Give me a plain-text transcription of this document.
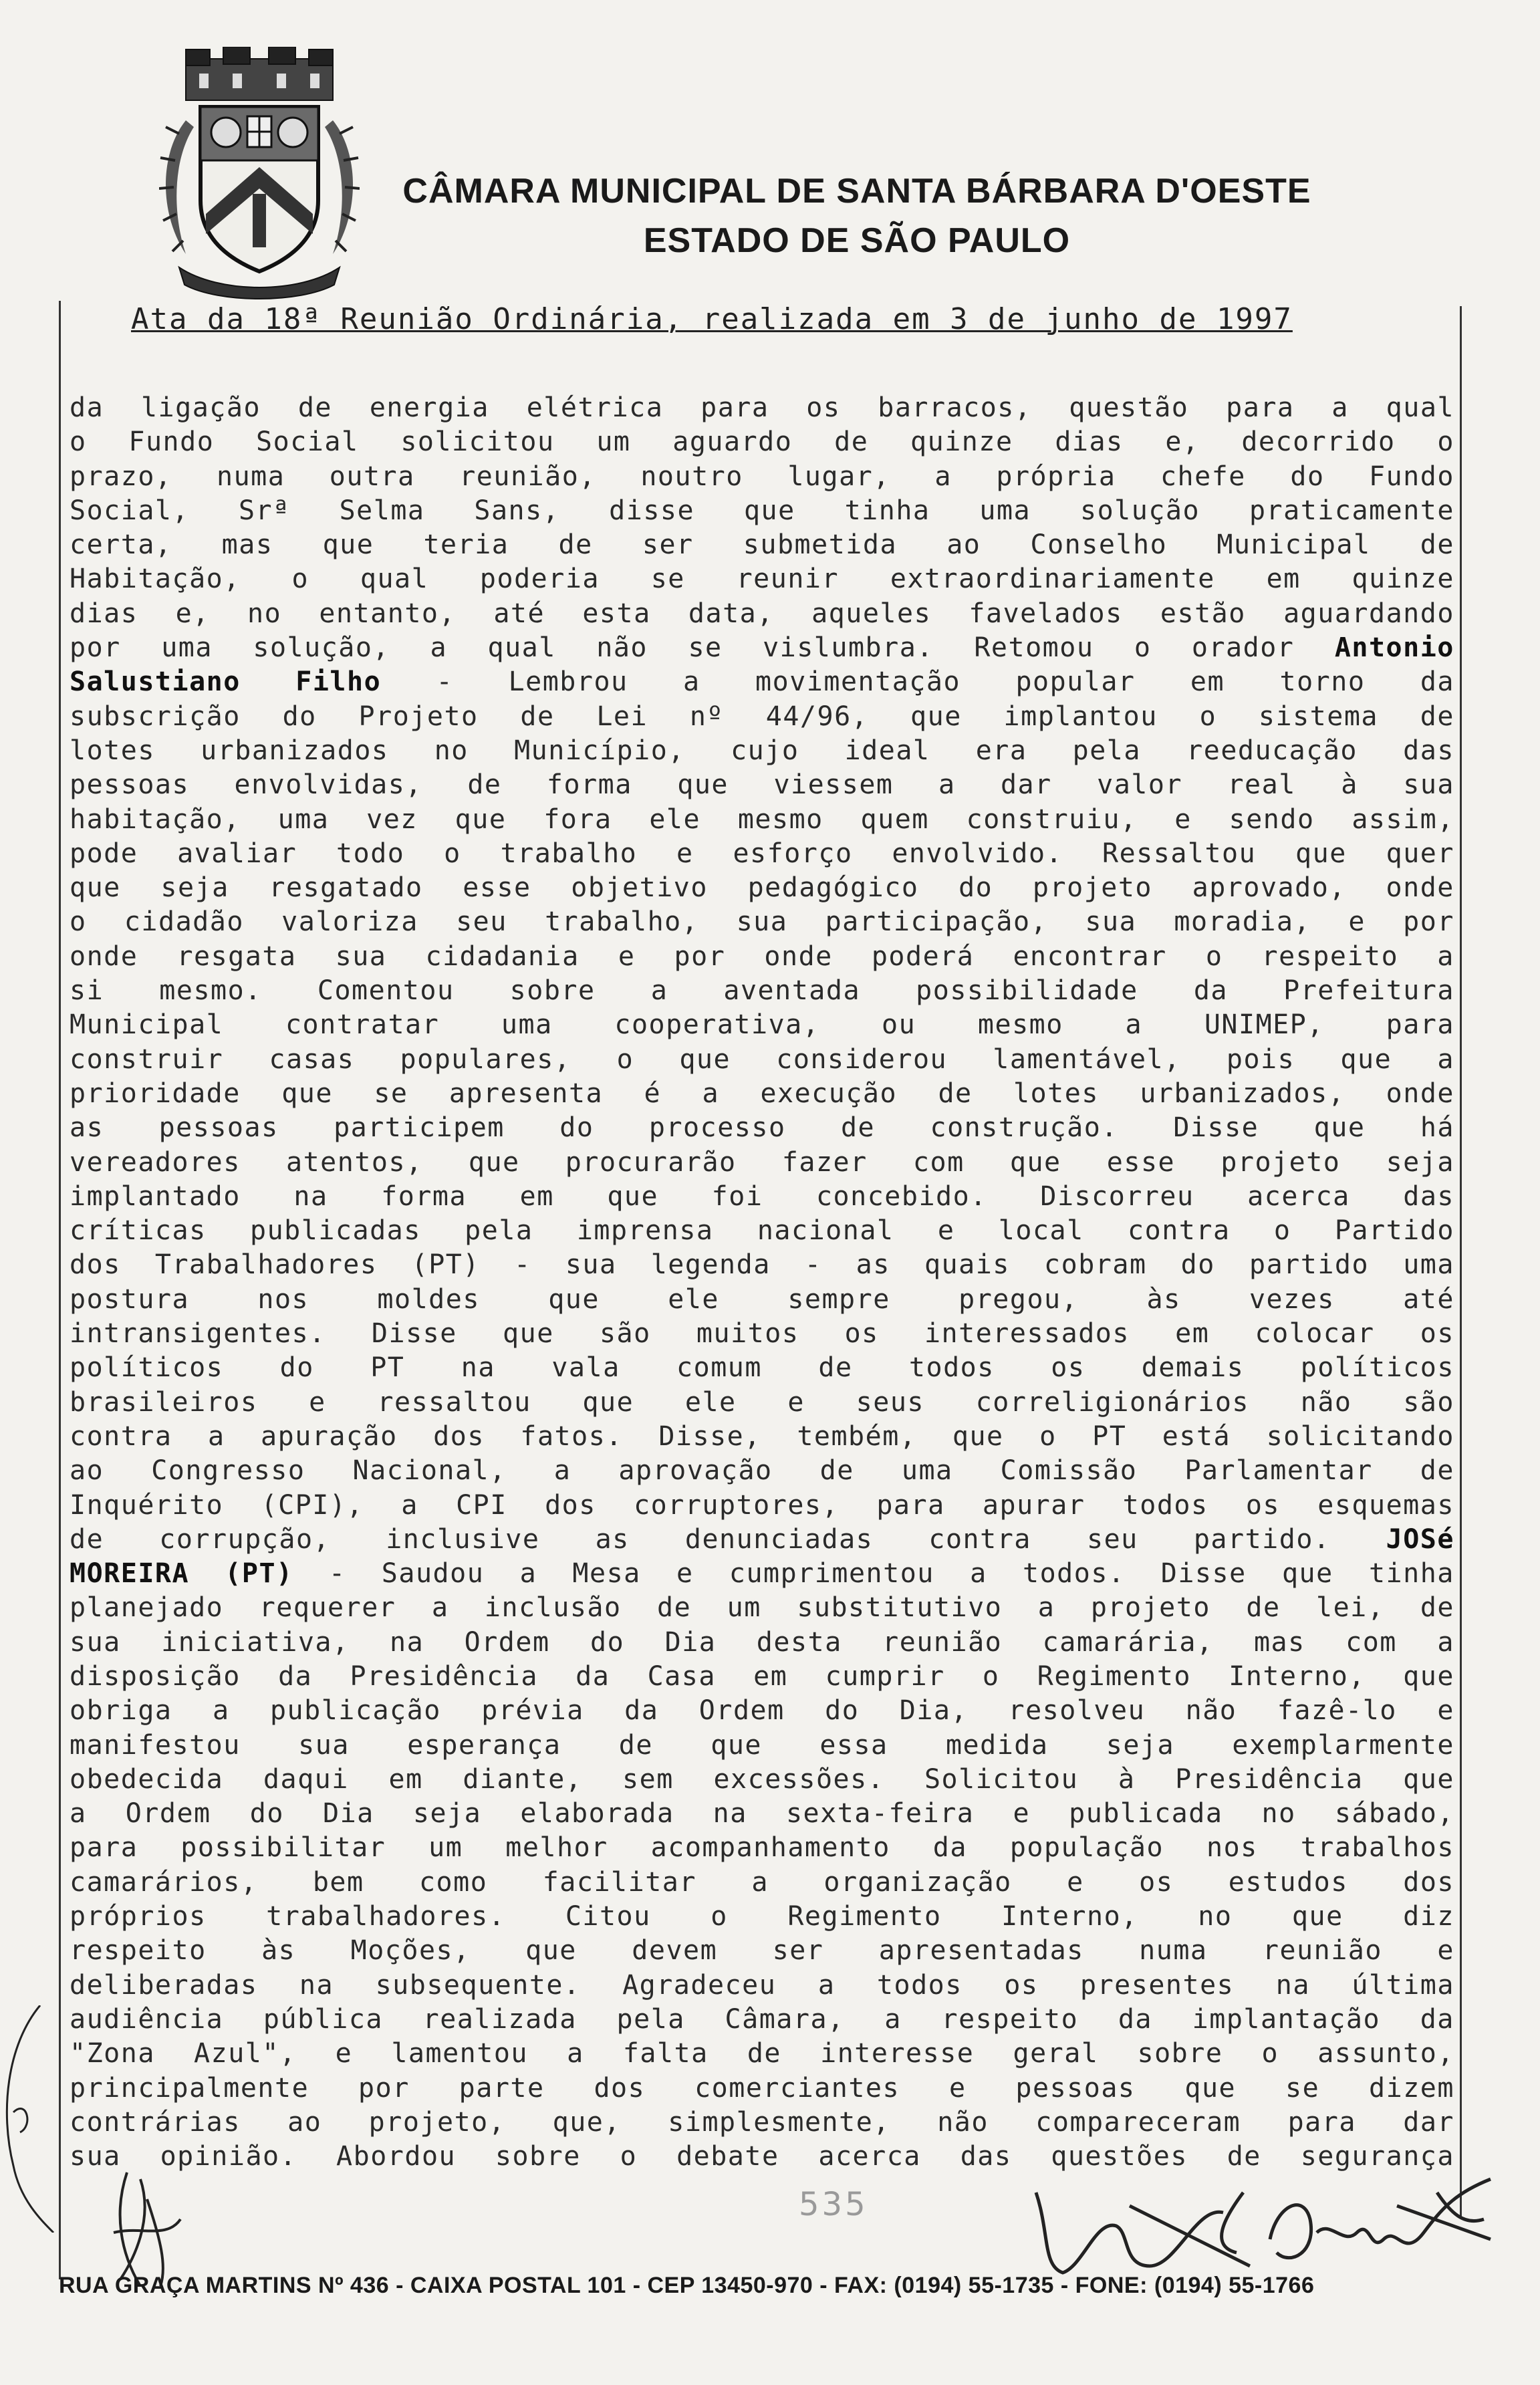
CÂMARA MUNICIPAL DE SANTA BÁRBARA D'OESTE
ESTADO DE SÃO PAULO
Ata da 18ª Reunião Ordinária, realizada em 3 de junho de 1997
da ligação de energia elétrica para os barracos, questão para a qual
o Fundo Social solicitou um aguardo de quinze dias e, decorrido o
prazo, numa outra reunião, noutro lugar, a própria chefe do Fundo
Social, Srª Selma Sans, disse que tinha uma solução praticamente
certa, mas que teria de ser submetida ao Conselho Municipal de
Habitação, o qual poderia se reunir extraordinariamente em quinze
dias e, no entanto, até esta data, aqueles favelados estão aguardando
por uma solução, a qual não se vislumbra. Retomou o orador Antonio
Salustiano Filho - Lembrou a movimentação popular em torno da
subscrição do Projeto de Lei nº 44/96, que implantou o sistema de
lotes urbanizados no Município, cujo ideal era pela reeducação das
pessoas envolvidas, de forma que viessem a dar valor real à sua
habitação, uma vez que fora ele mesmo quem construiu, e sendo assim,
pode avaliar todo o trabalho e esforço envolvido. Ressaltou que quer
que seja resgatado esse objetivo pedagógico do projeto aprovado, onde
o cidadão valoriza seu trabalho, sua participação, sua moradia, e por
onde resgata sua cidadania e por onde poderá encontrar o respeito a
si mesmo. Comentou sobre a aventada possibilidade da Prefeitura
Municipal contratar uma cooperativa, ou mesmo a UNIMEP, para
construir casas populares, o que considerou lamentável, pois que a
prioridade que se apresenta é a execução de lotes urbanizados, onde
as pessoas participem do processo de construção. Disse que há
vereadores atentos, que procurarão fazer com que esse projeto seja
implantado na forma em que foi concebido. Discorreu acerca das
críticas publicadas pela imprensa nacional e local contra o Partido
dos Trabalhadores (PT) - sua legenda - as quais cobram do partido uma
postura	nos	moldes	que	ele	sempre	pregou,	às	vezes	até
intransigentes. Disse que são muitos os interessados em colocar os
políticos do PT na vala comum de todos os demais políticos
brasileiros e ressaltou que ele e seus correligionários não são
contra a apuração dos fatos. Disse, tembém, que o PT está solicitando
ao Congresso Nacional, a aprovação de uma Comissão Parlamentar de
Inquérito (CPI), a CPI dos corruptores, para apurar todos os esquemas
de corrupção, inclusive as denunciadas contra seu partido. JOSé
MOREIRA (PT) - Saudou a Mesa e cumprimentou a todos. Disse que tinha
planejado requerer a inclusão de um substitutivo a projeto de lei, de
sua iniciativa, na Ordem do Dia desta reunião camarária, mas com a
disposição da Presidência da Casa em cumprir o Regimento Interno, que
obriga a publicação prévia da Ordem do Dia, resolveu não fazê-lo e
manifestou sua esperança de que essa medida seja exemplarmente
obedecida daqui em diante, sem excessões. Solicitou à Presidência que
a Ordem do Dia seja elaborada na sexta-feira e publicada no sábado,
para possibilitar um melhor acompanhamento da população nos trabalhos
camarários, bem como facilitar a organização e os estudos dos
próprios trabalhadores. Citou o Regimento Interno, no que diz
respeito às Moções, que devem ser apresentadas numa reunião e
deliberadas na subsequente. Agradeceu a todos os presentes na última
audiência pública realizada pela Câmara, a respeito da implantação da
"Zona Azul", e lamentou a falta de interesse geral sobre o assunto,
principalmente por parte dos comerciantes e pessoas que se dizem
contrárias ao projeto, que, simplesmente, não compareceram para dar
sua opinião. Abordou sobre o debate acerca das questões de segurança
535
RUA GRAÇA MARTINS Nº 436 - CAIXA POSTAL 101 - CEP 13450-970 - FAX: (0194) 55-1735 - FONE: (0194) 55-1766
